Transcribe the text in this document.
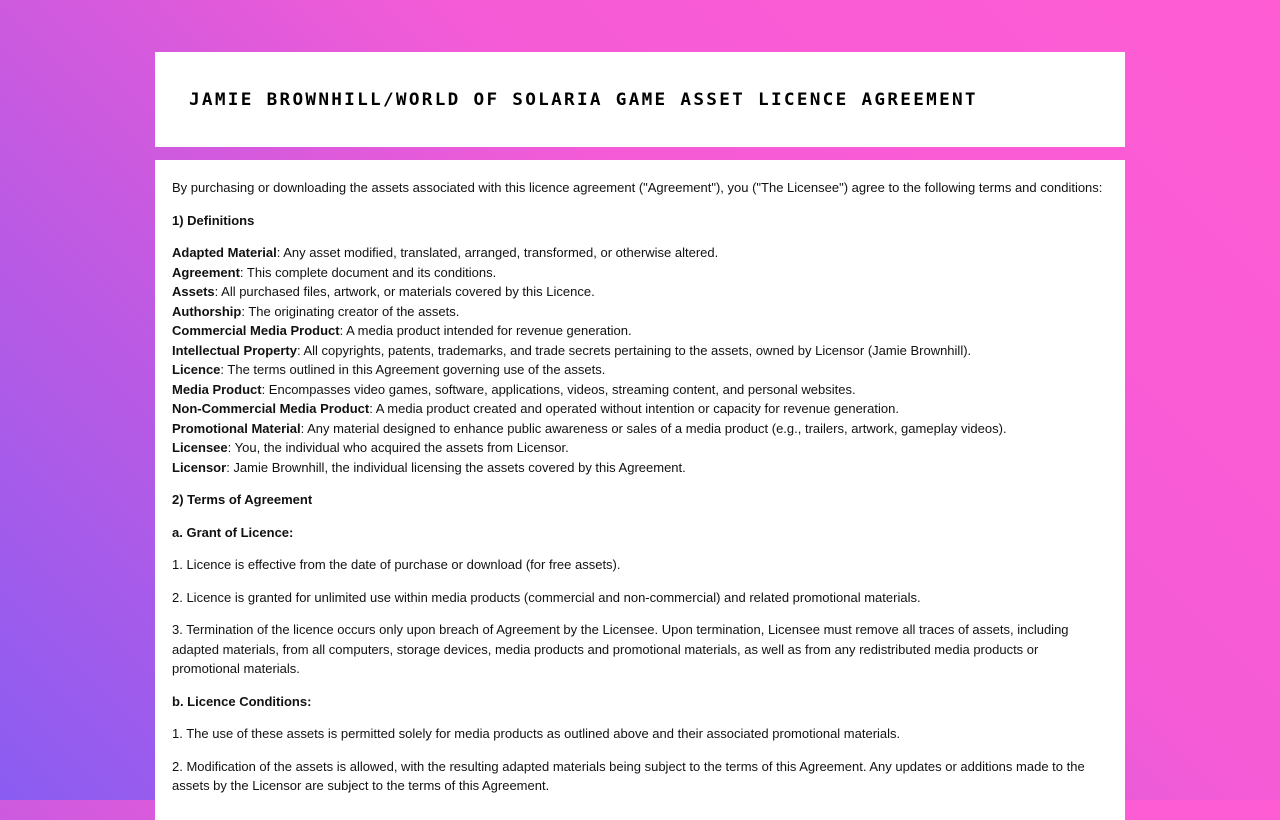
JAMIE BROWNHILL/WORLD OF SOLARIA GAME ASSET LICENCE AGREEMENT

By purchasing or downloading the assets associated with this licence agreement ("Agreement"), you ("The Licensee") agree to the following terms and conditions:

1) Definitions

Adapted Material: Any asset modified, translated, arranged, transformed, or otherwise altered.
Agreement: This complete document and its conditions.
Assets: All purchased files, artwork, or materials covered by this Licence.
Authorship: The originating creator of the assets.
Commercial Media Product: A media product intended for revenue generation.
Intellectual Property: All copyrights, patents, trademarks, and trade secrets pertaining to the assets, owned by Licensor (Jamie Brownhill).
Licence: The terms outlined in this Agreement governing use of the assets.
Media Product: Encompasses video games, software, applications, videos, streaming content, and personal websites.
Non-Commercial Media Product: A media product created and operated without intention or capacity for revenue generation.
Promotional Material: Any material designed to enhance public awareness or sales of a media product (e.g., trailers, artwork, gameplay videos).
Licensee: You, the individual who acquired the assets from Licensor.
Licensor: Jamie Brownhill, the individual licensing the assets covered by this Agreement.

2) Terms of Agreement

a. Grant of Licence:

1. Licence is effective from the date of purchase or download (for free assets).

2. Licence is granted for unlimited use within media products (commercial and non-commercial) and related promotional materials.

3. Termination of the licence occurs only upon breach of Agreement by the Licensee. Upon termination, Licensee must remove all traces of assets, including adapted materials, from all computers, storage devices, media products and promotional materials, as well as from any redistributed media products or promotional materials.

b. Licence Conditions:

1. The use of these assets is permitted solely for media products as outlined above and their associated promotional materials.

2. Modification of the assets is allowed, with the resulting adapted materials being subject to the terms of this Agreement. Any updates or additions made to the assets by the Licensor are subject to the terms of this Agreement.
